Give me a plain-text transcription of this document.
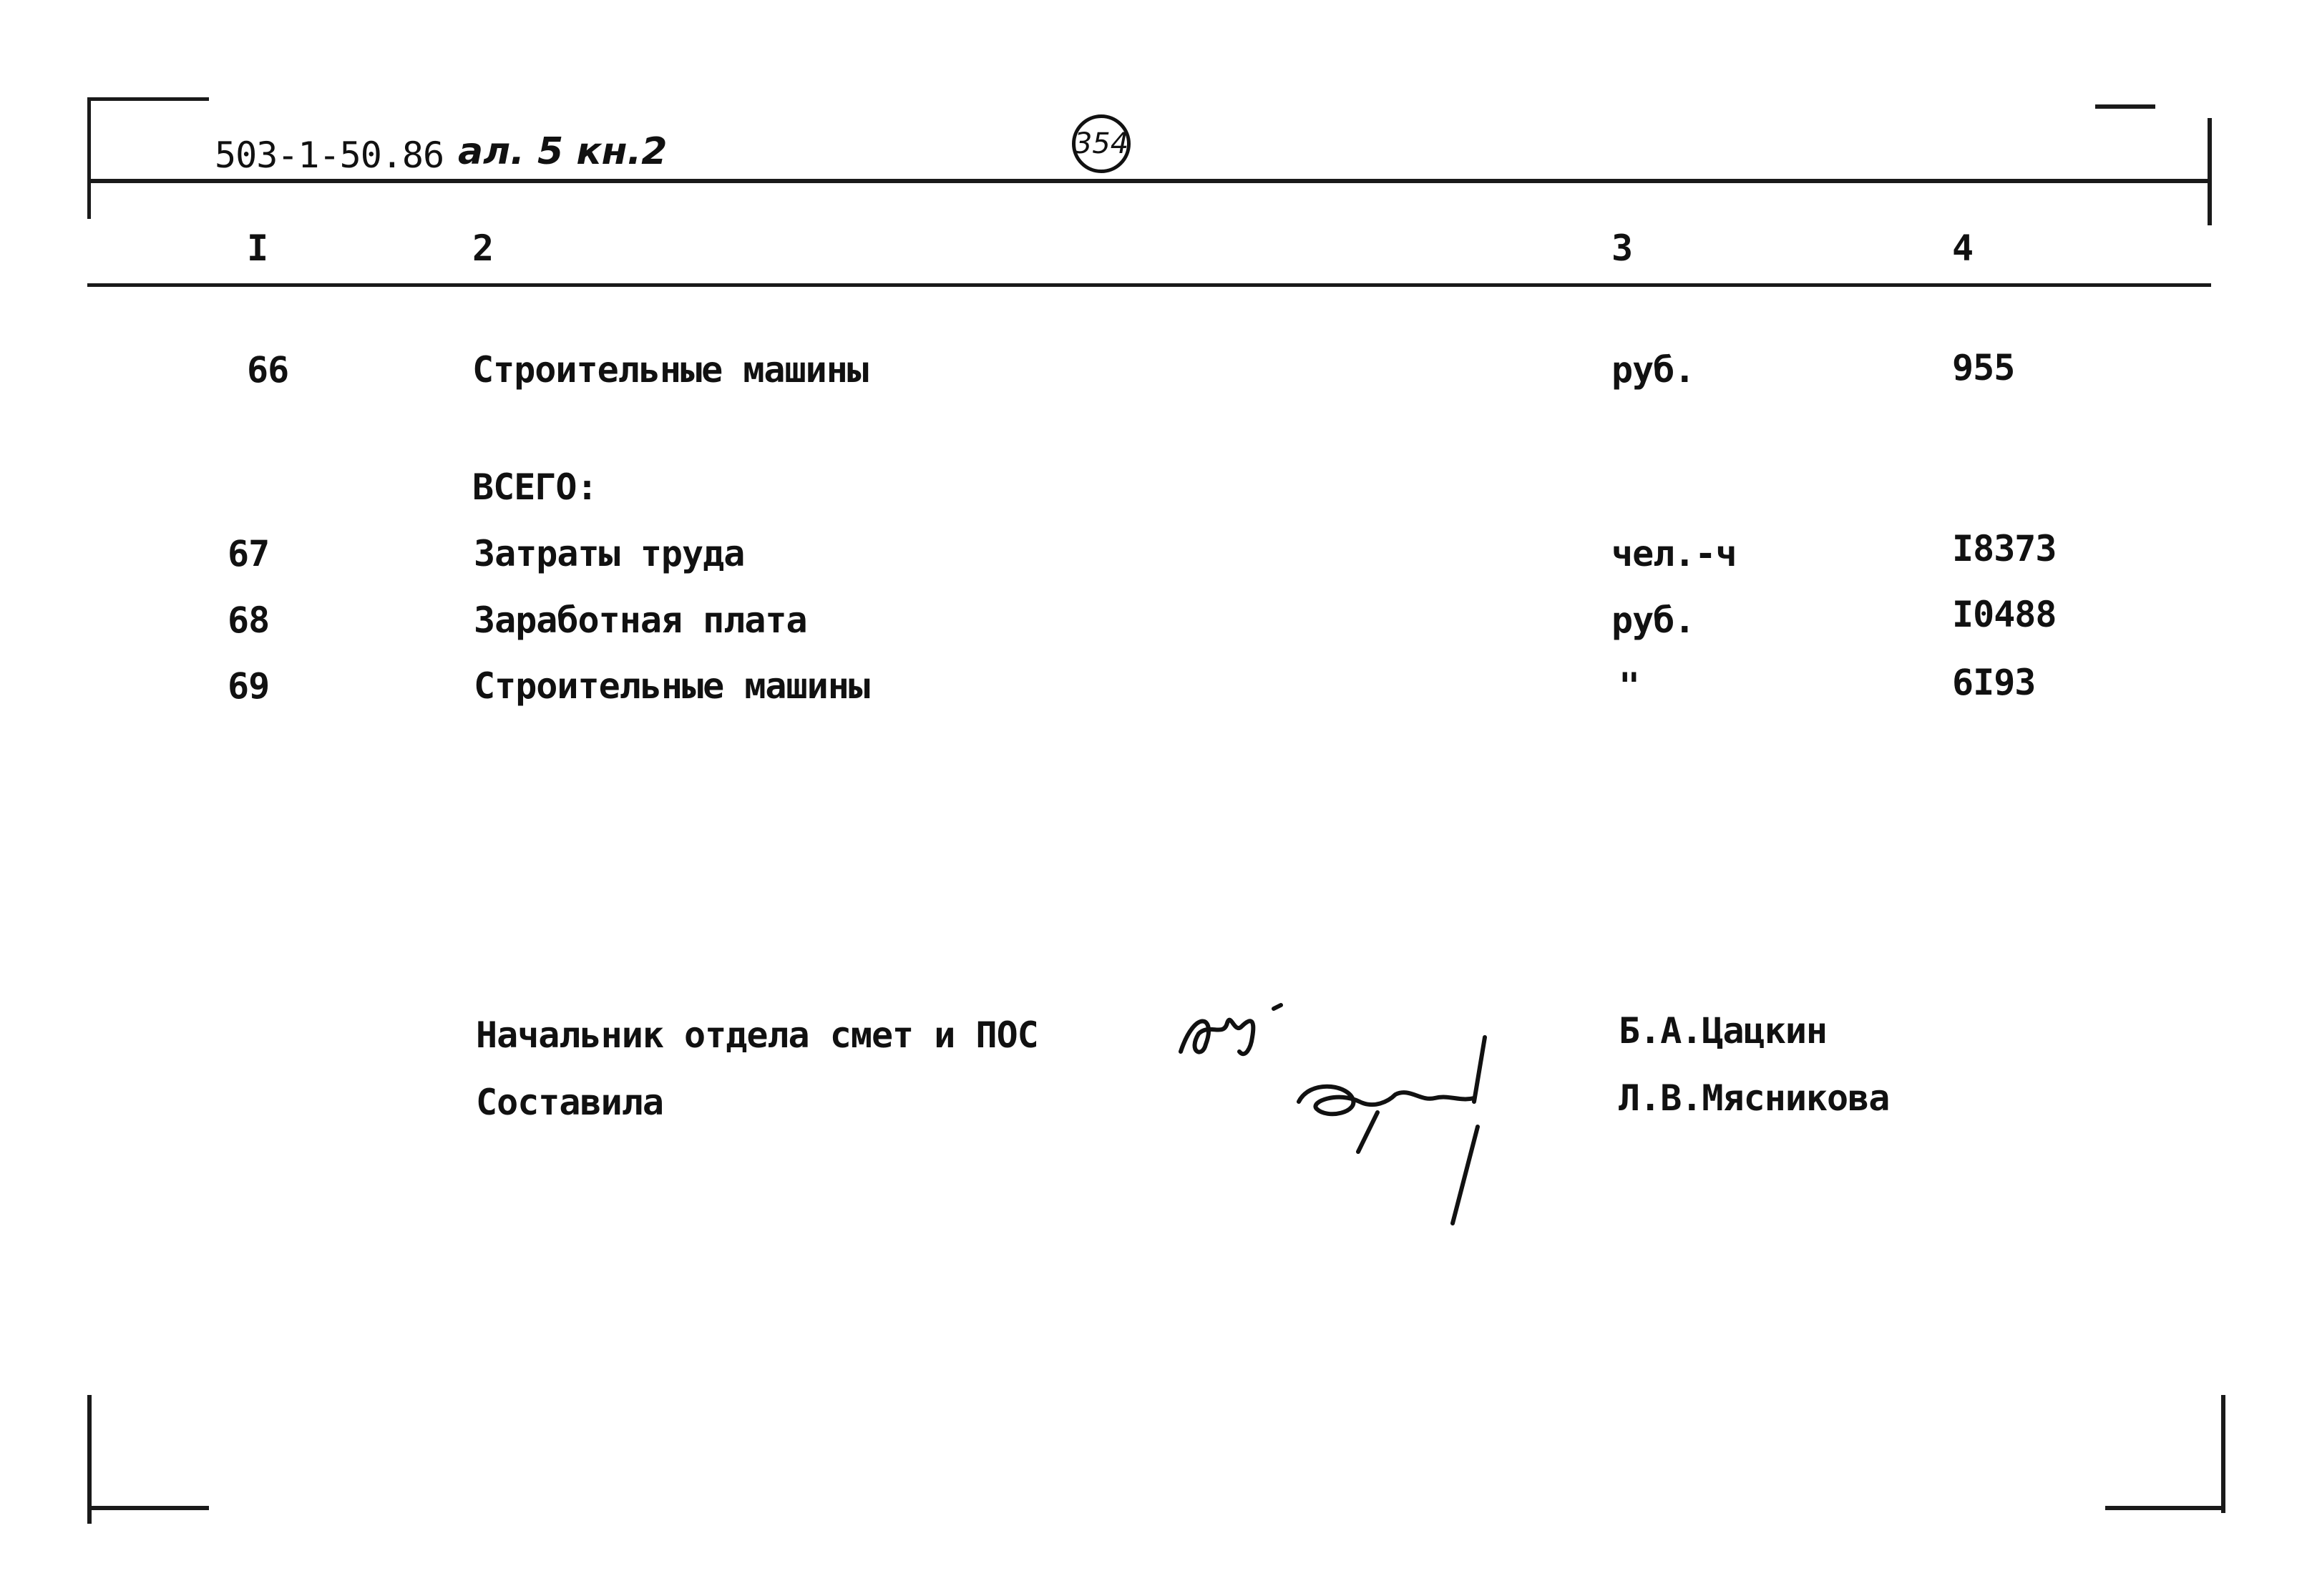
503-1-50.86 ал. 5 кн.2	354
I	2	3	4
66	Строительные машины	руб.	955
ВСЕГО:
67	Затраты труда	чел.-ч	I8373
68	Заработная плата	руб.	I0488
69	Строительные машины	"	6I93
Начальник отдела смет и ПОС
Составила
Б.А.Цацкин
Л.В.Мясникова
